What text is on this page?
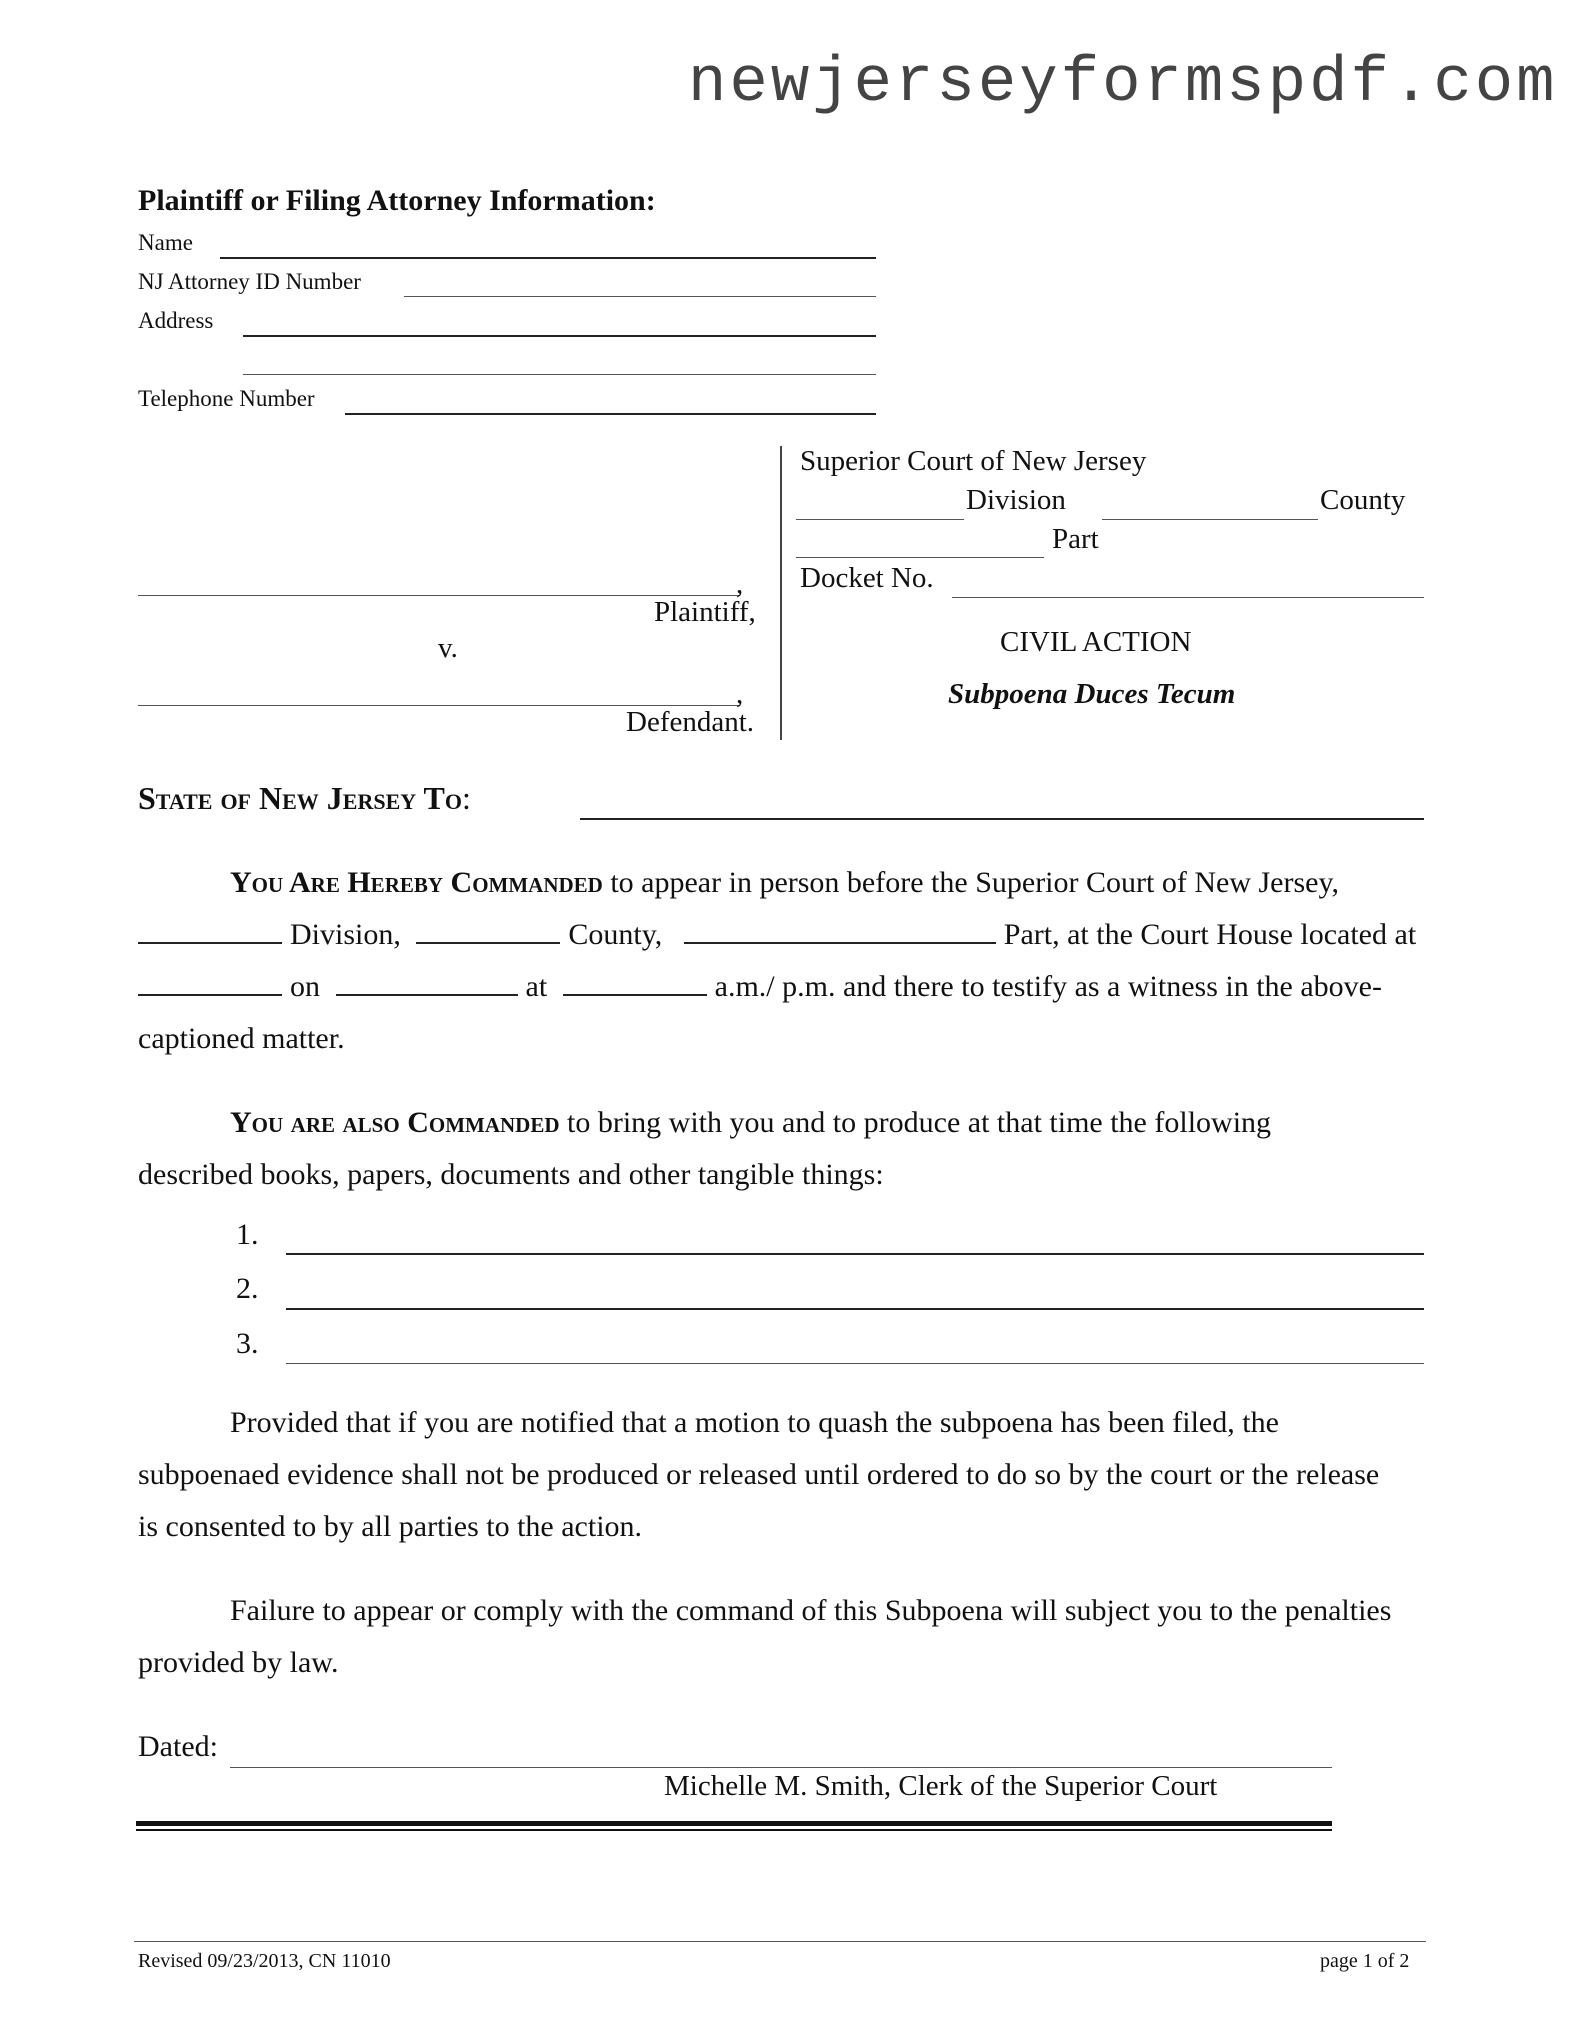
newjerseyformspdf.com
Plaintiff or Filing Attorney Information:
Name
NJ Attorney ID Number
Address
Telephone Number
,
Plaintiff,
v.
,
Defendant.
Superior Court of New Jersey
Division	County
Part
Docket No.
CIVIL ACTION
Subpoena Duces Tecum
State of New Jersey To:
You Are Hereby Commanded to appear in person before the Superior Court of New Jersey,
Division,	County,	Part, at the Court House located at
on	at	a.m./ p.m. and there to testify as a witness in the above-
captioned matter.
You are also Commanded to bring with you and to produce at that time the following
described books, papers, documents and other tangible things:
1.
2.
3.
Provided that if you are notified that a motion to quash the subpoena has been filed, the
subpoenaed evidence shall not be produced or released until ordered to do so by the court or the release
is consented to by all parties to the action.
Failure to appear or comply with the command of this Subpoena will subject you to the penalties
provided by law.
Dated:
Michelle M. Smith, Clerk of the Superior Court
Revised 09/23/2013, CN 11010	page 1 of 2
